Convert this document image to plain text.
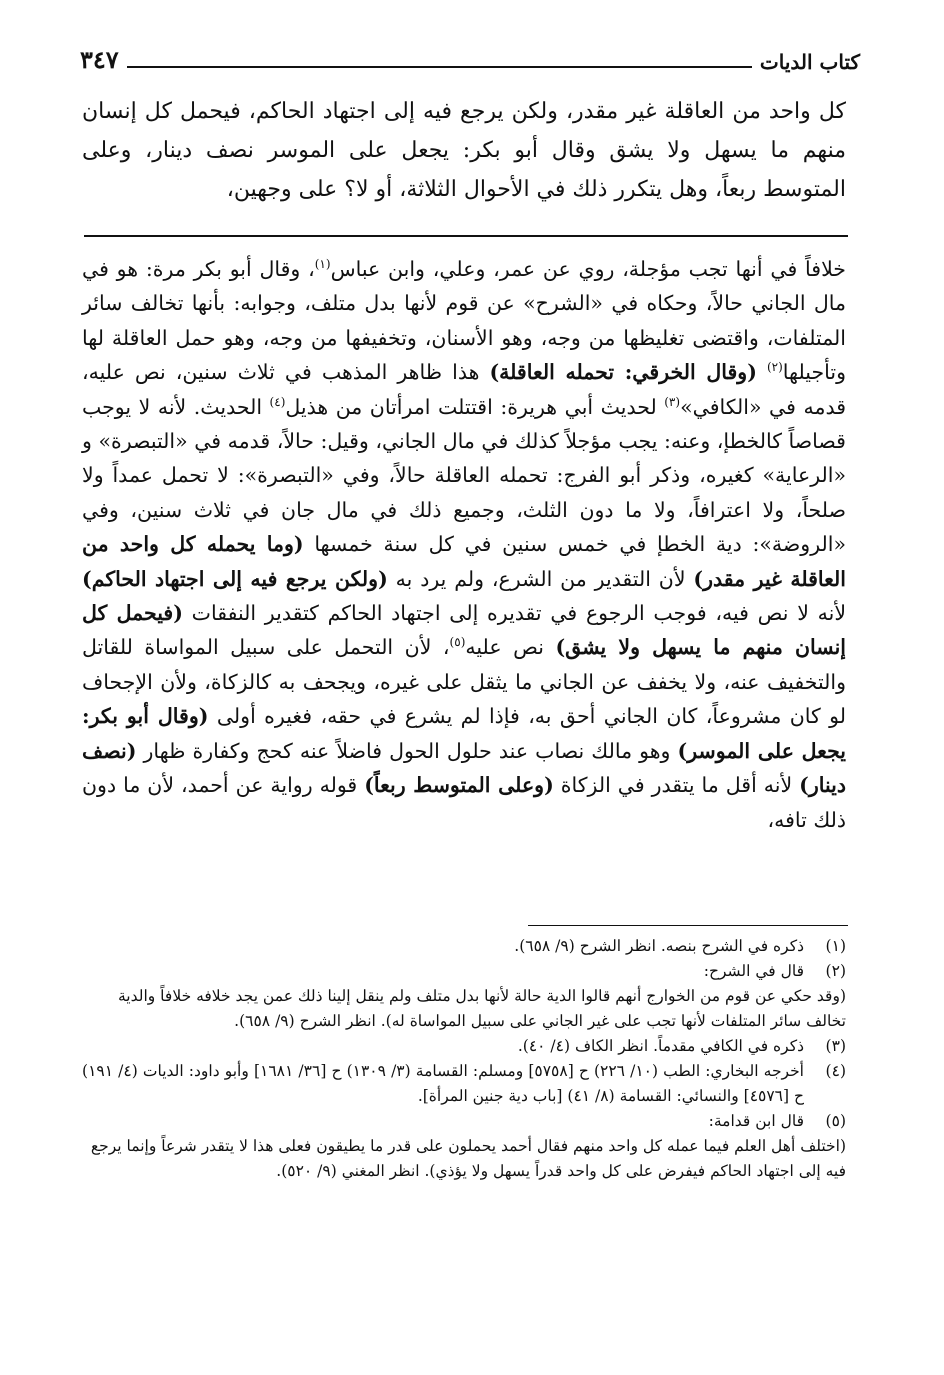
كتاب الديات
٣٤٧

كل واحد من العاقلة غير مقدر، ولكن يرجع فيه إلى اجتهاد الحاكم، فيحمل كل إنسان منهم ما يسهل ولا يشق وقال أبو بكر: يجعل على الموسر نصف دينار، وعلى المتوسط ربعاً، وهل يتكرر ذلك في الأحوال الثلاثة، أو لا؟ على وجهين،

خلافاً في أنها تجب مؤجلة، روي عن عمر، وعلي، وابن عباس$^{(١)}$، وقال أبو بكر مرة: هو في مال الجاني حالاً، وحكاه في «الشرح» عن قوم لأنها بدل متلف، وجوابه: بأنها تخالف سائر المتلفات، واقتضى تغليظها من وجه، وهو الأسنان، وتخفيفها من وجه، وهو حمل العاقلة لها وتأجيلها$^{(٢)}$ (وقال الخرقي: تحمله العاقلة) هذا ظاهر المذهب في ثلاث سنين، نص عليه، قدمه في «الكافي»$^{(٣)}$ لحديث أبي هريرة: اقتتلت امرأتان من هذيل$^{(٤)}$ الحديث. لأنه لا يوجب قصاصاً كالخطإ، وعنه: يجب مؤجلاً كذلك في مال الجاني، وقيل: حالاً، قدمه في «التبصرة» و «الرعاية» كغيره، وذكر أبو الفرج: تحمله العاقلة حالاً، وفي «التبصرة»: لا تحمل عمداً ولا صلحاً، ولا اعترافاً، ولا ما دون الثلث، وجميع ذلك في مال جان في ثلاث سنين، وفي «الروضة»: دية الخطإ في خمس سنين في كل سنة خمسها (وما يحمله كل واحد من العاقلة غير مقدر) لأن التقدير من الشرع، ولم يرد به (ولكن يرجع فيه إلى اجتهاد الحاكم) لأنه لا نص فيه، فوجب الرجوع في تقديره إلى اجتهاد الحاكم كتقدير النفقات (فيحمل كل إنسان منهم ما يسهل ولا يشق) نص عليه$^{(٥)}$، لأن التحمل على سبيل المواساة للقاتل والتخفيف عنه، ولا يخفف عن الجاني ما يثقل على غيره، ويجحف به كالزكاة، ولأن الإجحاف لو كان مشروعاً، كان الجاني أحق به، فإذا لم يشرع في حقه، فغيره أولى (وقال أبو بكر: يجعل على الموسر) وهو مالك نصاب عند حلول الحول فاضلاً عنه كحج وكفارة ظهار (نصف دينار) لأنه أقل ما يتقدر في الزكاة (وعلى المتوسط ربعاً) قوله رواية عن أحمد، لأن ما دون ذلك تافه،

(١)
ذكره في الشرح بنصه. انظر الشرح (٩/ ٦٥٨).
(٢)
قال في الشرح:
(وقد حكي عن قوم من الخوارج أنهم قالوا الدية حالة لأنها بدل متلف ولم ينقل إلينا ذلك عمن يجد خلافه خلافاً والدية تخالف سائر المتلفات لأنها تجب على غير الجاني على سبيل المواساة له). انظر الشرح (٩/ ٦٥٨).
(٣)
ذكره في الكافي مقدماً. انظر الكاف (٤/ ٤٠).
(٤)
أخرجه البخاري: الطب (١٠/ ٢٢٦) ح [٥٧٥٨] ومسلم: القسامة (٣/ ١٣٠٩) ح [٣٦/ ١٦٨١] وأبو داود: الديات (٤/ ١٩١) ح [٤٥٧٦] والنسائي: القسامة (٨/ ٤١) [باب دية جنين المرأة].
(٥)
قال ابن قدامة:
(اختلف أهل العلم فيما عمله كل واحد منهم فقال أحمد يحملون على قدر ما يطيقون فعلى هذا لا يتقدر شرعاً وإنما يرجع فيه إلى اجتهاد الحاكم فيفرض على كل واحد قدراً يسهل ولا يؤذي). انظر المغني (٩/ ٥٢٠).
